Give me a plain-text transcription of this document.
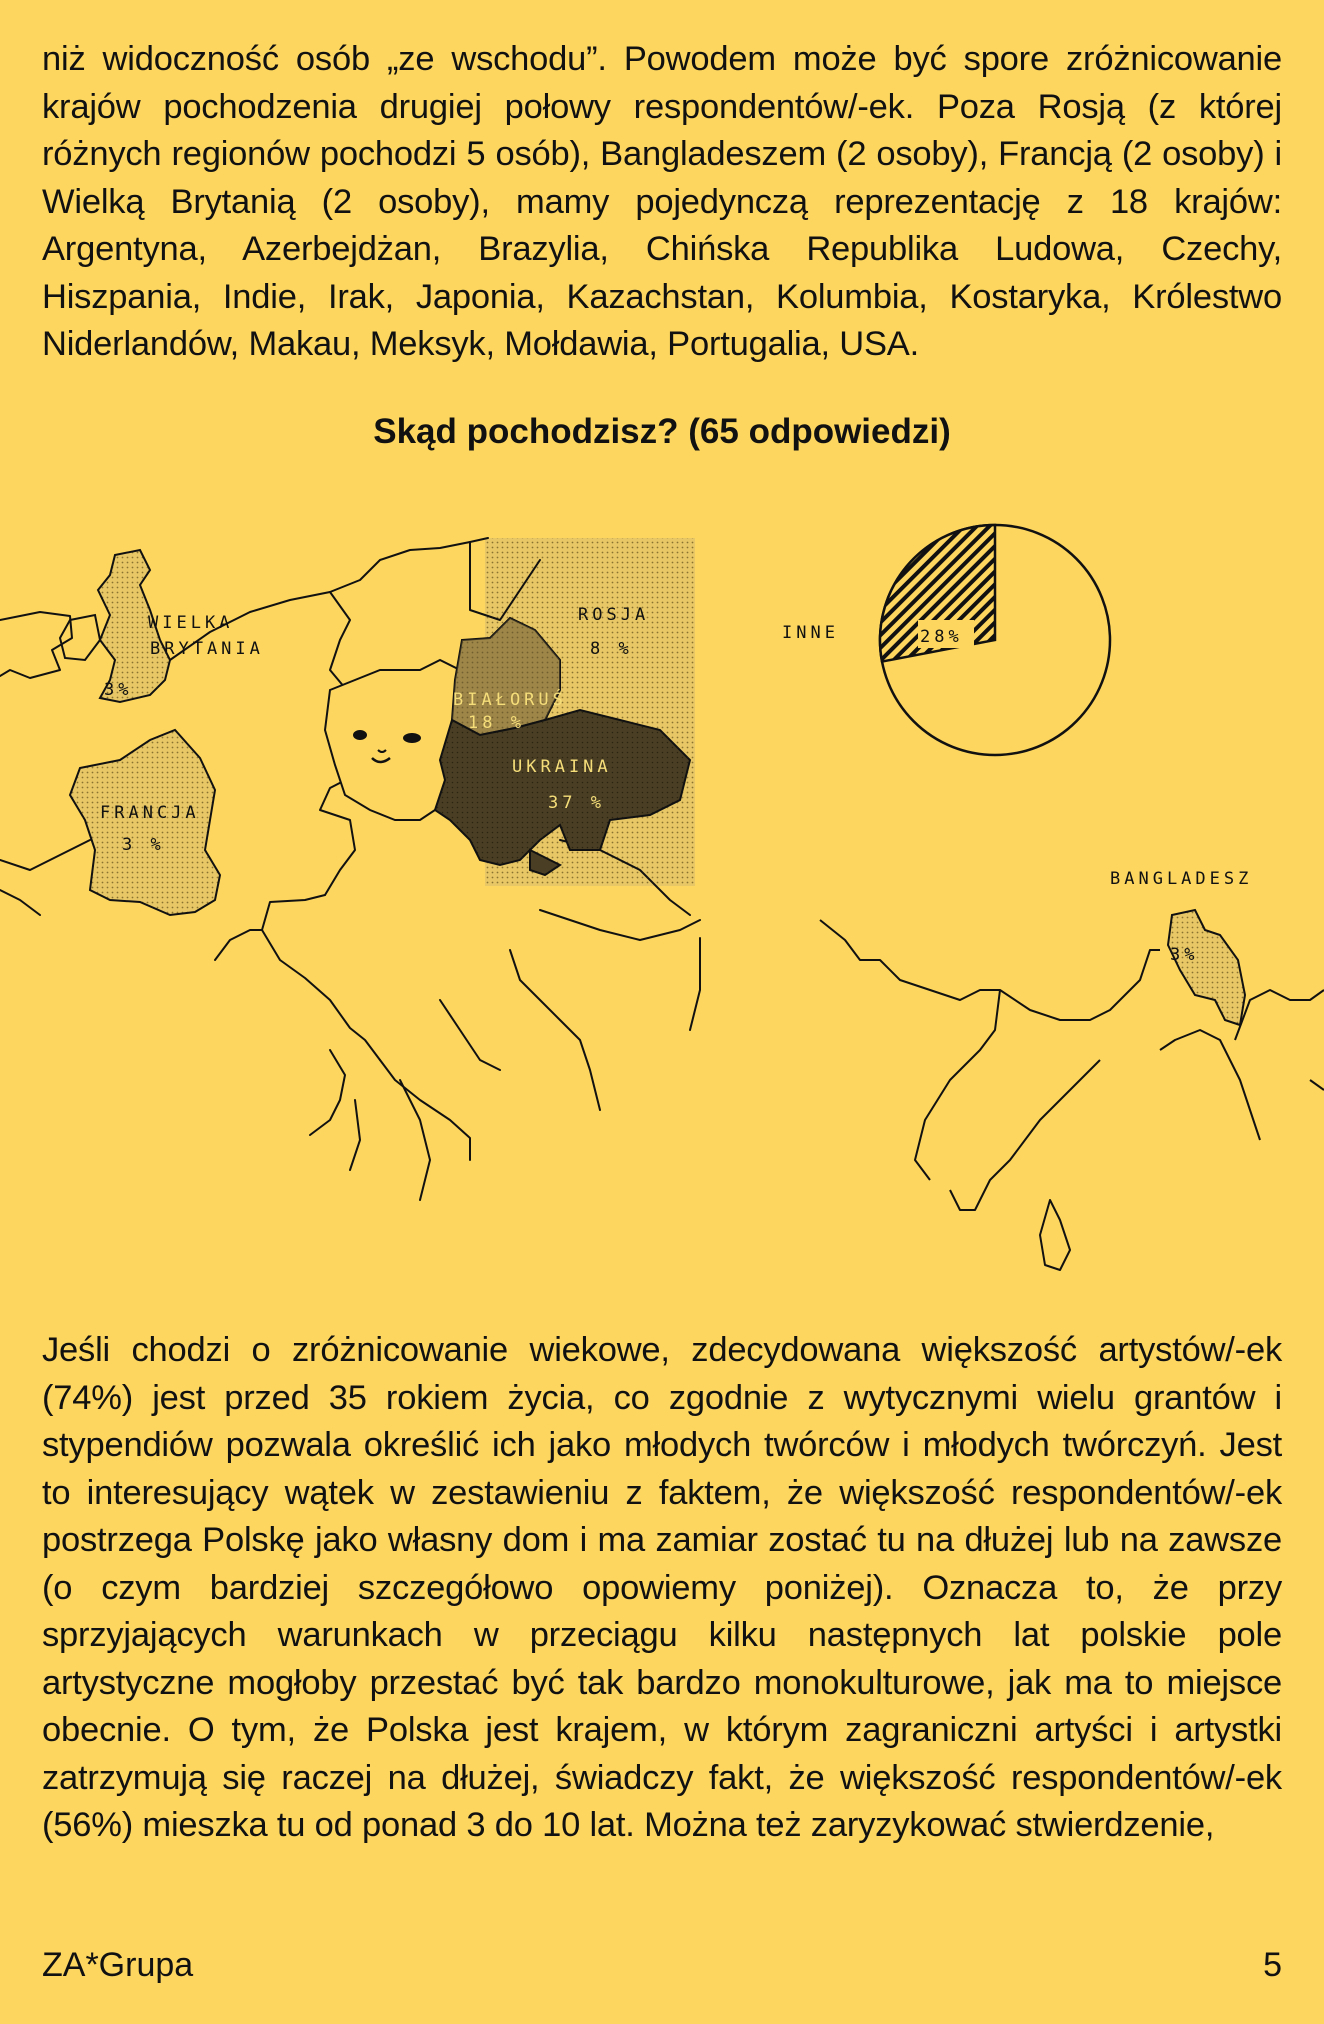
niż widoczność osób „ze wschodu”. Powodem może być spore zróżnicowanie krajów pochodzenia drugiej połowy respondentów/-ek. Poza Rosją (z której różnych regionów pochodzi 5 osób), Bangladeszem (2 osoby), Francją (2 osoby) i Wielką Brytanią (2 osoby), mamy pojedynczą reprezentację z 18 krajów: Argentyna, Azerbejdżan, Brazylia, Chińska Republika Ludowa, Czechy, Hiszpania, Indie, Irak, Japonia, Kazachstan, Kolumbia, Kostaryka, Królestwo Niderlandów, Makau, Meksyk, Mołdawia, Portugalia, USA.

Skąd pochodzisz? (65 odpowiedzi)
28%
WIELKA
BRYTANIA
3%
FRANCJA
3 %
ROSJA
8 %
BIAŁORUŚ
18 %
UKRAINA
37 %
INNE
BANGLADESZ
3%

Jeśli chodzi o zróżnicowanie wiekowe, zdecydowana większość artystów/-ek (74%) jest przed 35 rokiem życia, co zgodnie z wytycznymi wielu grantów i stypendiów pozwala określić ich jako młodych twórców i młodych twórczyń. Jest to interesujący wątek w zestawieniu z faktem, że większość respondentów/-ek postrzega Polskę jako własny dom i ma zamiar zostać tu na dłużej lub na zawsze (o czym bardziej szczegółowo opowiemy poniżej). Oznacza to, że przy sprzyjających warunkach w przeciągu kilku następnych lat polskie pole artystyczne mogłoby przestać być tak bardzo monokulturowe, jak ma to miejsce obecnie. O tym, że Polska jest krajem, w którym zagraniczni artyści i artystki zatrzymują się raczej na dłużej, świadczy fakt, że większość respondentów/-ek (56%) mieszka tu od ponad 3 do 10 lat. Można też zaryzykować stwierdzenie,

ZA*Grupa	5
